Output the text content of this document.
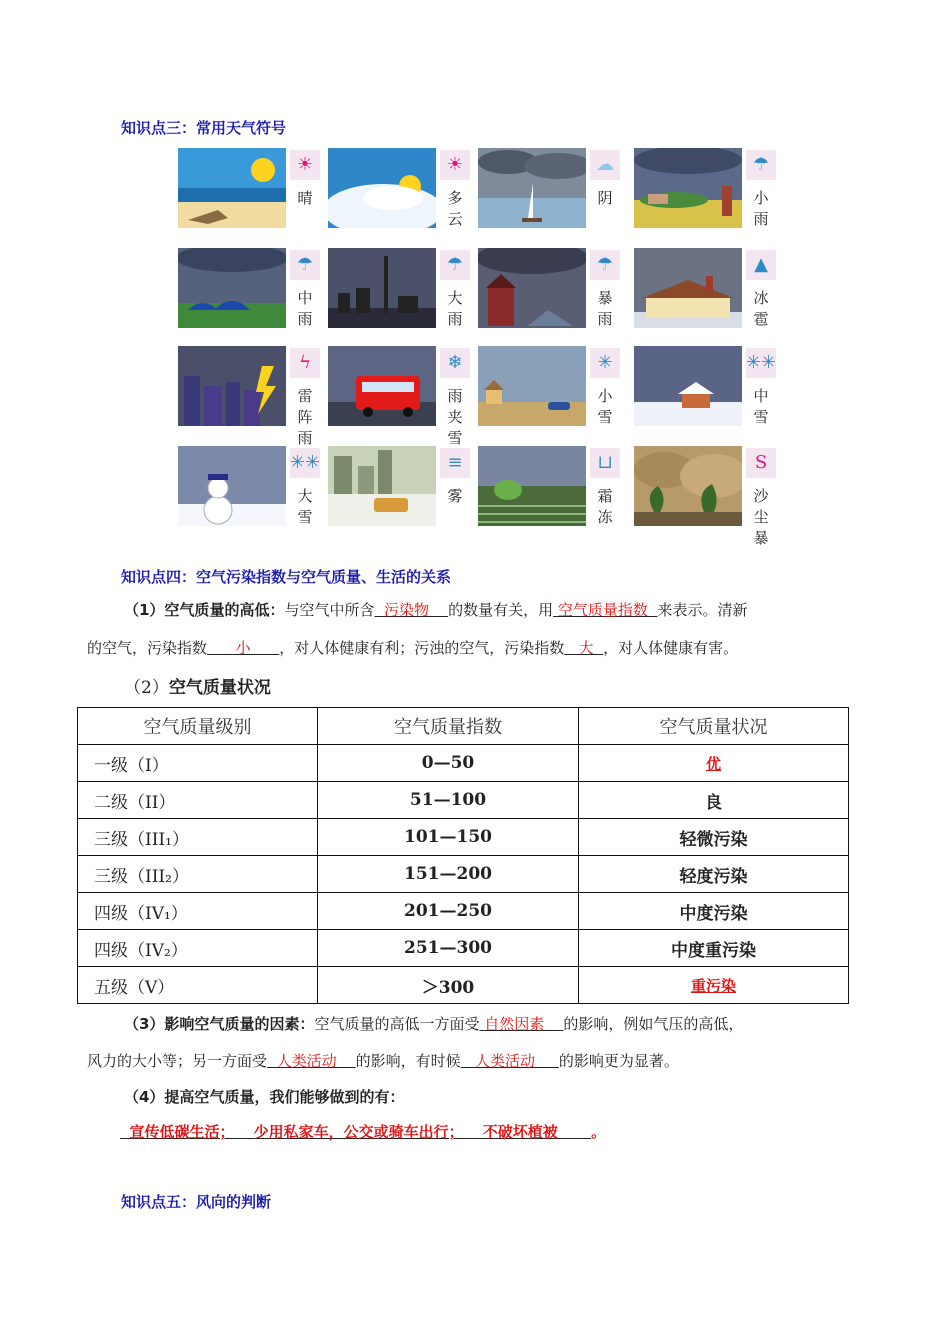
知识点三：常用天气符号
☀
晴
☀
多云
☁
阴
☂
小雨
☂
中雨
☂
大雨
☂
暴雨
▲
冰雹
ϟ
雷阵雨
❄
雨夹雪
✳
小雪
✳✳
中雪
✳✳
大雪
≡
雾
⊔
霜冻
S
沙尘暴
知识点四：空气污染指数与空气质量、生活的关系
（1）空气质量的高低：与空气中所含 污染物 的数量有关，用 空气质量指数 来表示。清新
的空气，污染指数 小 ，对人体健康有利；污浊的空气，污染指数 大 ，对人体健康有害。
（2）空气质量状况
空气质量级别	空气质量指数	空气质量状况
一级（I）	0—50	优
二级（II）	51—100	良
三级（III₁）	101—150	轻微污染
三级（III₂）	151—200	轻度污染
四级（IV₁）	201—250	中度污染
四级（IV₂）	251—300	中度重污染
五级（V）	＞300	重污染
（3）影响空气质量的因素：空气质量的高低一方面受 自然因素 的影响，例如气压的高低，
风力的大小等；另一方面受 人类活动 的影响，有时候 人类活动 的影响更为显著。
（4）提高空气质量，我们能够做到的有：
宣传低碳生活； 少用私家车，公交或骑车出行； 不破坏植被 。
知识点五：风向的判断
